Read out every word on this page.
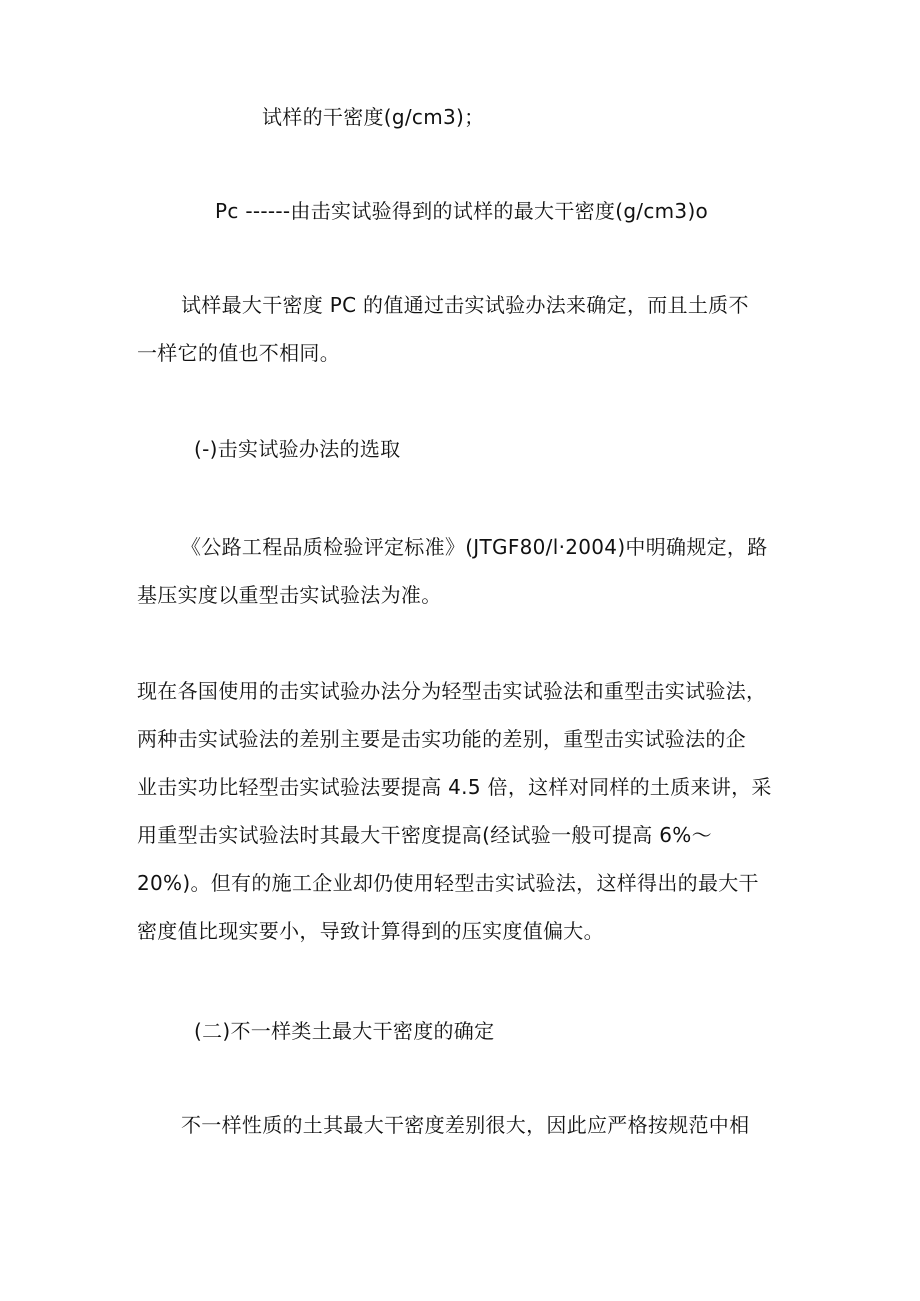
试样的干密度(g/cm3)；
Pc ------由击实试验得到的试样的最大干密度(g/cm3)o
试样最大干密度 PC 的值通过击实试验办法来确定，而且土质不
一样它的值也不相同。
(-)击实试验办法的选取
《公路工程品质检验评定标准》(JTGF80/l·2004)中明确规定，路
基压实度以重型击实试验法为准。
现在各国使用的击实试验办法分为轻型击实试验法和重型击实试验法，
两种击实试验法的差别主要是击实功能的差别，重型击实试验法的企
业击实功比轻型击实试验法要提高 4.5 倍，这样对同样的土质来讲，采
用重型击实试验法时其最大干密度提高(经试验一般可提高 6%～
20%)。但有的施工企业却仍使用轻型击实试验法，这样得出的最大干
密度值比现实要小，导致计算得到的压实度值偏大。
(二)不一样类土最大干密度的确定
不一样性质的土其最大干密度差别很大，因此应严格按规范中相
